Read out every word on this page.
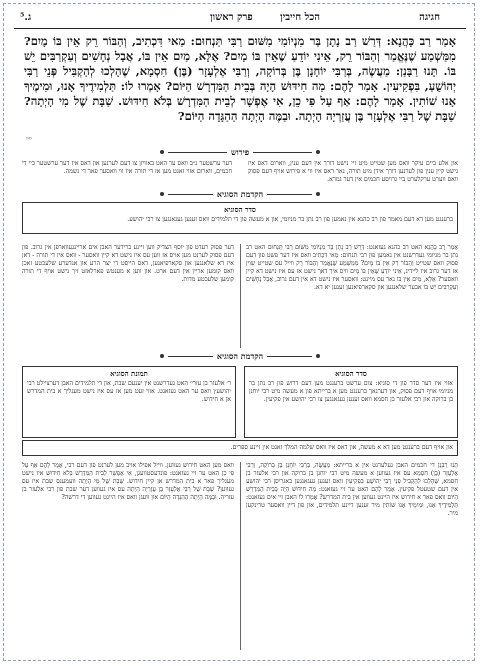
חגיגה
הכל חייבין
פרק ראשון
ג.⁵
אָמַר רַב כָּהֲנָא: דְּרַשׁ רַב נָתָן בַּר מִנְיוֹמִי מִשּׁוּם רַבִּי תַּנְחוּם: מַאי דִּכְתִיב, וְהַבּוֹר רֵק אֵין בּוֹ מָיִם? מִמַּשְׁמַע שֶׁנֶּאֱמַר וְהַבּוֹר רֵק, אֵינִי יוֹדֵעַ שֶׁאֵין בּוֹ מָיִם? אֶלָּא, מַיִם אֵין בּוֹ, אֲבָל נְחָשִׁים וְעַקְרַבִּים יֵשׁ בּוֹ. תָּנוּ רַבָּנַן: מַעֲשֶׂה, בְּרַבִּי יוֹחָנָן בֶּן בְּרוֹקָה, וְרַבִּי אֶלְעָזָר (בֶּן) חִסְמָא, שֶׁהָלְכוּ לְהַקְבִּיל פְּנֵי רַבִּי יְהוֹשֻׁעַ, בִּפְקִיעִין. אָמַר לָהֶם: מַה חִידּוּשׁ הָיָה בְּבֵית הַמִּדְרָשׁ הַיּוֹם? אָמְרוּ לוֹ: תַּלְמִידֶיךָ אָנוּ, וּמִימֶיךָ אָנוּ שׁוֹתִין. אָמַר לָהֶם: אַף עַל פִּי כֵן, אִי אֶפְשָׁר לְבֵית הַמִּדְרָשׁ בְּלֹא חִידּוּשׁ. שַׁבָּת שֶׁל מִי הָיְתָה? שַׁבָּת שֶׁל רַבִּי אֶלְעָזָר בֶּן עֲזַרְיָה הָיְתָה. וּבַמֶּה הָיְתָה הַהַגָּדָה הַיּוֹם?
ײײ
פירוש
און אלע ביים עיקר וואס מען שטייט מיט זיי נישט דורך אין דעם ענין, ווארום דאס איז נישט קיין ענין פון לערנען דורך אידן מיט תורה, נאר דאס איז ווי א פירוש אויף דעם פסוק וואס ווערט ערקלערט ביי גרויסע חכמים אין דער גמרא.
דער ערשטער ג״ב וואס ער האט באוויזן צו דעם לערנען און דאס איז דער ערשטער ביי די חכמים, ווארום אזוי זאגט מען אז די תורה איז ווי וואסער פאר די נשמה.
הקדמת הסוגיא
סדר הסוגיא
ברענגט מען דא דעם מאמר פון רב כהנא אין נאמען פון רב נתן בר מניומי, און א מעשה פון די תלמידים וואס זענען געגאנגען צו רבי יהושע.
אָמַר רַב כָּהֲנָא האט רב כהנא געזאגט: דְּרַשׁ רַב נָתָן בַּר מִנְיוֹמִי מִשּׁוּם רַבִּי תַּנְחוּם האט רב נתן בר מניומי געדרשנט אין נאמען פון רבי תנחום: מַאי דִּכְתִיב וואס איז דער פשט פון דעם פסוק וואס שטייט וְהַבּוֹר רֵק אֵין בּוֹ מָיִם? מִמַּשְׁמַע שֶׁנֶּאֱמַר וְהַבּוֹר רֵק ווייל עס שטייט שוין אז דער גרוב איז ליידיג, אֵינִי יוֹדֵעַ שֶׁאֵין בּוֹ מָיִם וויס איך דאך נישט אז עס איז נישט דא קיין וואסער? אֶלָּא, מַיִם אֵין בּוֹ נאר עס מיינט: וואסער איז נישט דא אין דעם גרוב, אֲבָל נְחָשִׁים וְעַקְרַבִּים יֵשׁ בּוֹ אבער שלאנגען און סקארפיאנען זענען יא דא.
דער פסוק רעדט פון יוסף הצדיק ווען זיינע ברידער האבן אים אריינגעווארפן אין גרוב. פון דעם פסוק לערנט מען אויס אז ווען עס איז נישט דא קיין וואסער - וואס איז די תורה - דאן איז דא שלאנגען און סקארפיאנען, דאס הייסט די יצר הרע און אנדערע שלעכטע זאכן וואס קומען אריין אין דעם ארט. און ווען א מענטש פארלאזט זיך נישט אויף די תורה קומען שלעכטע מדות.
הקדמת הסוגיא
סדר הסוגיא
אזוי איז דער סדר פון די סוגיא: צום ערשט ברענגט מען דעם דרוש פון רב נתן בר מניומי אויף דעם פסוק, און דערנאך ברענגט מען א ברייתא פון א מעשה מיט רבי יוחנן בן ברוקה און רבי אלעזר בן חסמא וואס זענען געגאנגען צו רבי יהושע אין פקיעין.
תמונת הסוגיא
ר׳ אלעזר בן עזרי׳ האט געדרשנט אין יענעם שבת, און די תלמידים האבן דערציילט רבי יהושע׳ן וואס ער האט געזאגט. אזוי זעט מען אז עס איז נישט מעגליך א בית המדרש אן א חידוש.
און אויף דעם ברענגט מען דא א מעשה, און דאס איז וואס שלמה המלך זאגט אין זיינע ספרים.
תָּנוּ רַבָּנַן די חכמים האבן געלערנט אין א ברייתא: מַעֲשֶׂה, בְּרַבִּי יוֹחָנָן בֶּן בְּרוֹקָה, וְרַבִּי אֶלְעָזָר (בֶּן) חִסְמָא עס איז געווען א מעשה מיט רבי יוחנן בן ברוקה און רבי אלעזר בן חסמא, שֶׁהָלְכוּ לְהַקְבִּיל פְּנֵי רַבִּי יְהוֹשֻׁעַ בִּפְקִיעִין וואס זענען געגאנגען באגריסן רבי יהושע אין דעם שטעטל פקיעין. אָמַר לָהֶם האט ער זיי געזאגט: מַה חִידּוּשׁ הָיָה בְּבֵית הַמִּדְרָשׁ הַיּוֹם וואס פאר א חידוש איז היינט געווען אין בית המדרש? אָמְרוּ לוֹ האבן זיי אים געזאגט: תַּלְמִידֶיךָ אָנוּ, וּמִימֶיךָ אָנוּ שׁוֹתִין מיר זענען דיינע תלמידים, און פון דיין וואסער טרינקען מיר.
וואס מען האט חידוש געווען. ווייל אפילו אויב מען לערנט פון דעם רבי, אָמַר לָהֶם אַף עַל פִּי כֵן האט ער זיי געזאגט: פונדעסטוועגן, אִי אֶפְשָׁר לְבֵית הַמִּדְרָשׁ בְּלֹא חִידּוּשׁ איז נישט מעגליך פאר א בית המדרש אן קיין חידוש. שַׁבָּת שֶׁל מִי הָיְתָה וועמענס שבת איז עס געווען? שַׁבָּת שֶׁל רַבִּי אֶלְעָזָר בֶּן עֲזַרְיָה הָיְתָה עס איז געווען דער שבת פון רבי אלעזר בן עזריה. וּבַמֶּה הָיְתָה הַהַגָּדָה הַיּוֹם און וועגן וואס איז היינט געווען די דרשה?
